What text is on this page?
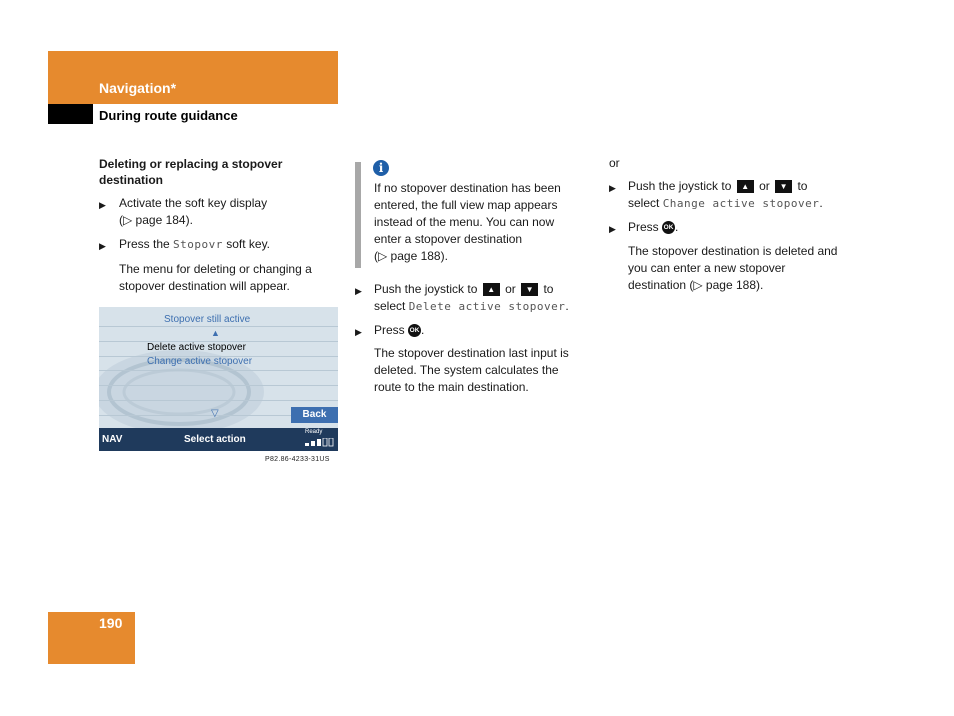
Navigation*
During route guidance
Deleting or replacing a stopover destination
▶ Activate the soft key display
(▷ page 184).
▶ Press the Stopovr soft key.
The menu for deleting or changing a
stopover destination will appear.
Stopover still active
▲
Delete active stopover
Change active stopover
▽	Back
NAV	Select action
Ready
P82.86-4233-31US
i
If no stopover destination has been
entered, the full view map appears
instead of the menu. You can now
enter a stopover destination
(▷ page 188).
▶ Push the joystick to ▲ or ▼ to
select Delete active stopover.
▶ Press OK .
The stopover destination last input is
deleted. The system calculates the
route to the main destination.
or
▶ Push the joystick to ▲ or ▼ to
select Change active stopover.
▶ Press OK .
The stopover destination is deleted and
you can enter a new stopover
destination (▷ page 188).
190
